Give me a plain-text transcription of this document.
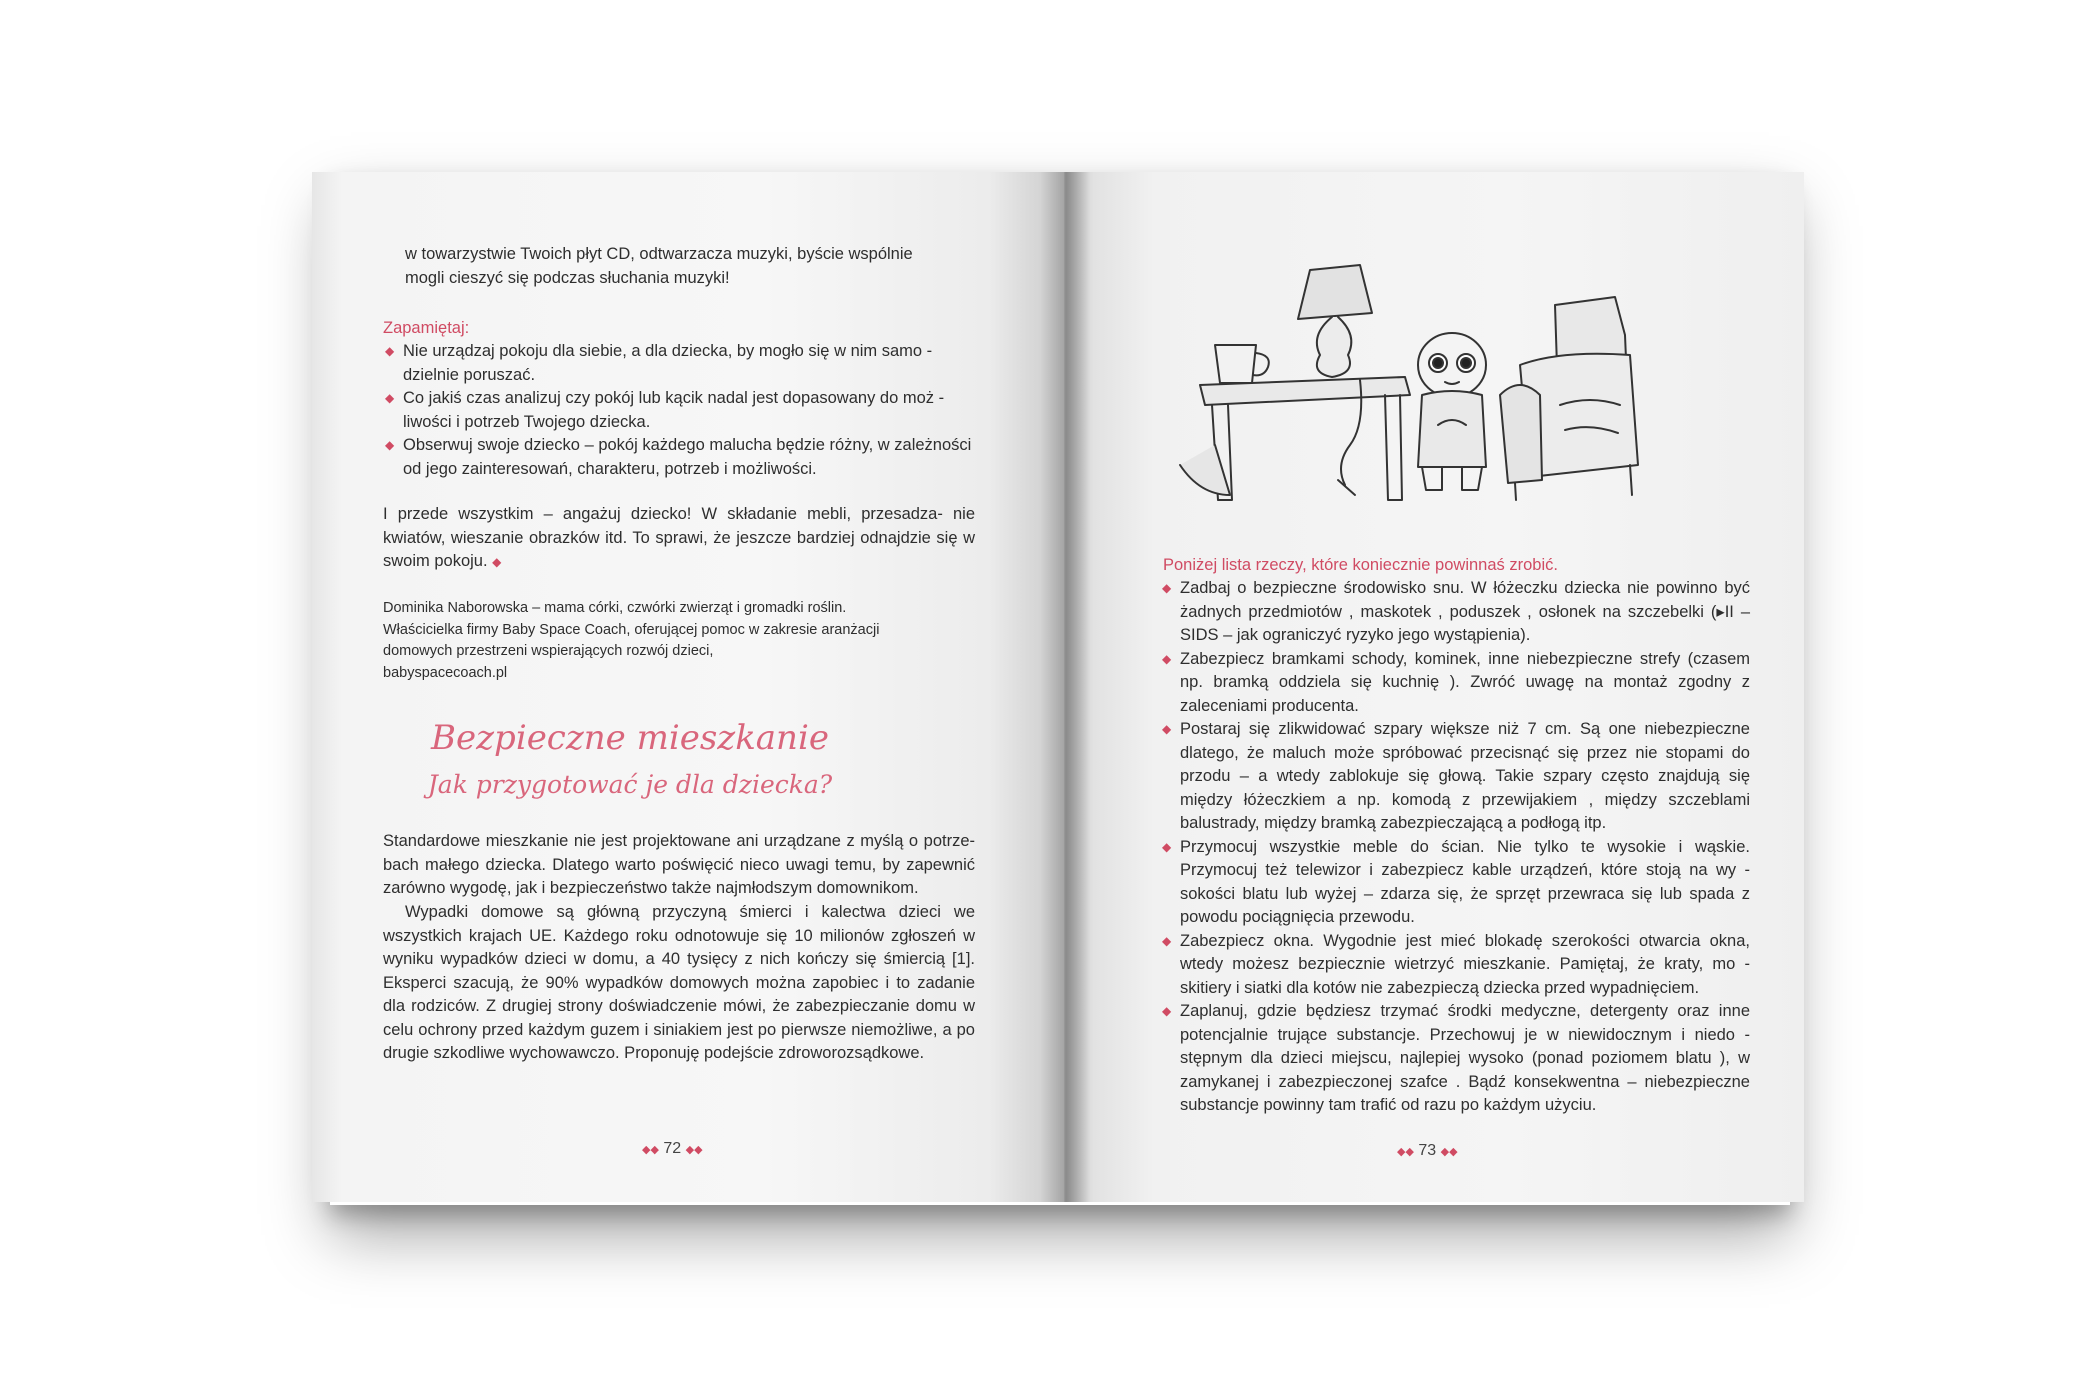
w towarzystwie Twoich płyt CD, odtwarzacza muzyki, byście wspólnie
mogli cieszyć się podczas słuchania muzyki!
Zapamiętaj:
◆ Nie urządzaj pokoju dla siebie, a dla dziecka, by mogło się w nim samo - dzielnie poruszać.
◆ Co jakiś czas analizuj czy pokój lub kącik nadal jest dopasowany do moż - liwości i potrzeb Twojego dziecka.
◆ Obserwuj swoje dziecko – pokój każdego malucha będzie różny, w zależności od jego zainteresowań, charakteru, potrzeb i możliwości.
I przede wszystkim – angażuj dziecko! W składanie mebli, przesadza- nie kwiatów, wieszanie obrazków itd. To sprawi, że jeszcze bardziej odnajdzie się w swoim pokoju. ◆
Dominika Naborowska – mama córki, czwórki zwierząt i gromadki roślin.
Właścicielka firmy Baby Space Coach, oferującej pomoc w zakresie aranżacji
domowych przestrzeni wspierających rozwój dzieci,
babyspacecoach.pl
Bezpieczne mieszkanie
Jak przygotować je dla dziecka?
Standardowe mieszkanie nie jest projektowane ani urządzane z myślą o potrze- bach małego dziecka. Dlatego warto poświęcić nieco uwagi temu, by zapewnić zarówno wygodę, jak i bezpieczeństwo także najmłodszym domownikom.
Wypadki domowe są główną przyczyną śmierci i kalectwa dzieci we wszystkich krajach UE. Każdego roku odnotowuje się 10 milionów zgłoszeń w wyniku wypadków dzieci w domu, a 40 tysięcy z nich kończy się śmiercią [1]. Eksperci szacują, że 90% wypadków domowych można zapobiec i to zadanie dla rodziców. Z drugiej strony doświadczenie mówi, że zabezpieczanie domu w celu ochrony przed każdym guzem i siniakiem jest po pierwsze niemożliwe, a po drugie szkodliwe wychowawczo. Proponuję podejście zdroworozsądkowe.
◆◆ 72 ◆◆
Poniżej lista rzeczy, które koniecznie powinnaś zrobić.
◆ Zadbaj o bezpieczne środowisko snu. W łóżeczku dziecka nie powinno być żadnych przedmiotów , maskotek , poduszek , osłonek na szczebelki (▸II – SIDS – jak ograniczyć ryzyko jego wystąpienia).
◆ Zabezpiecz bramkami schody, kominek, inne niebezpieczne strefy (czasem np. bramką oddziela się kuchnię ). Zwróć uwagę na montaż zgodny z zaleceniami producenta.
◆ Postaraj się zlikwidować szpary większe niż 7 cm. Są one niebezpieczne dlatego, że maluch może spróbować przecisnąć się przez nie stopami do przodu – a wtedy zablokuje się głową. Takie szpary często znajdują się między łóżeczkiem a np. komodą z przewijakiem , między szczeblami balustrady, między bramką zabezpieczającą a podłogą itp.
◆ Przymocuj wszystkie meble do ścian. Nie tylko te wysokie i wąskie. Przymocuj też telewizor i zabezpiecz kable urządzeń, które stoją na wy - sokości blatu lub wyżej – zdarza się, że sprzęt przewraca się lub spada z powodu pociągnięcia przewodu.
◆ Zabezpiecz okna. Wygodnie jest mieć blokadę szerokości otwarcia okna, wtedy możesz bezpiecznie wietrzyć mieszkanie. Pamiętaj, że kraty, mo - skitiery i siatki dla kotów nie zabezpieczą dziecka przed wypadnięciem.
◆ Zaplanuj, gdzie będziesz trzymać środki medyczne, detergenty oraz inne potencjalnie trujące substancje. Przechowuj je w niewidocznym i niedo - stępnym dla dzieci miejscu, najlepiej wysoko (ponad poziomem blatu ), w zamykanej i zabezpieczonej szafce . Bądź konsekwentna – niebezpieczne substancje powinny tam trafić od razu po każdym użyciu.
◆◆ 73 ◆◆
